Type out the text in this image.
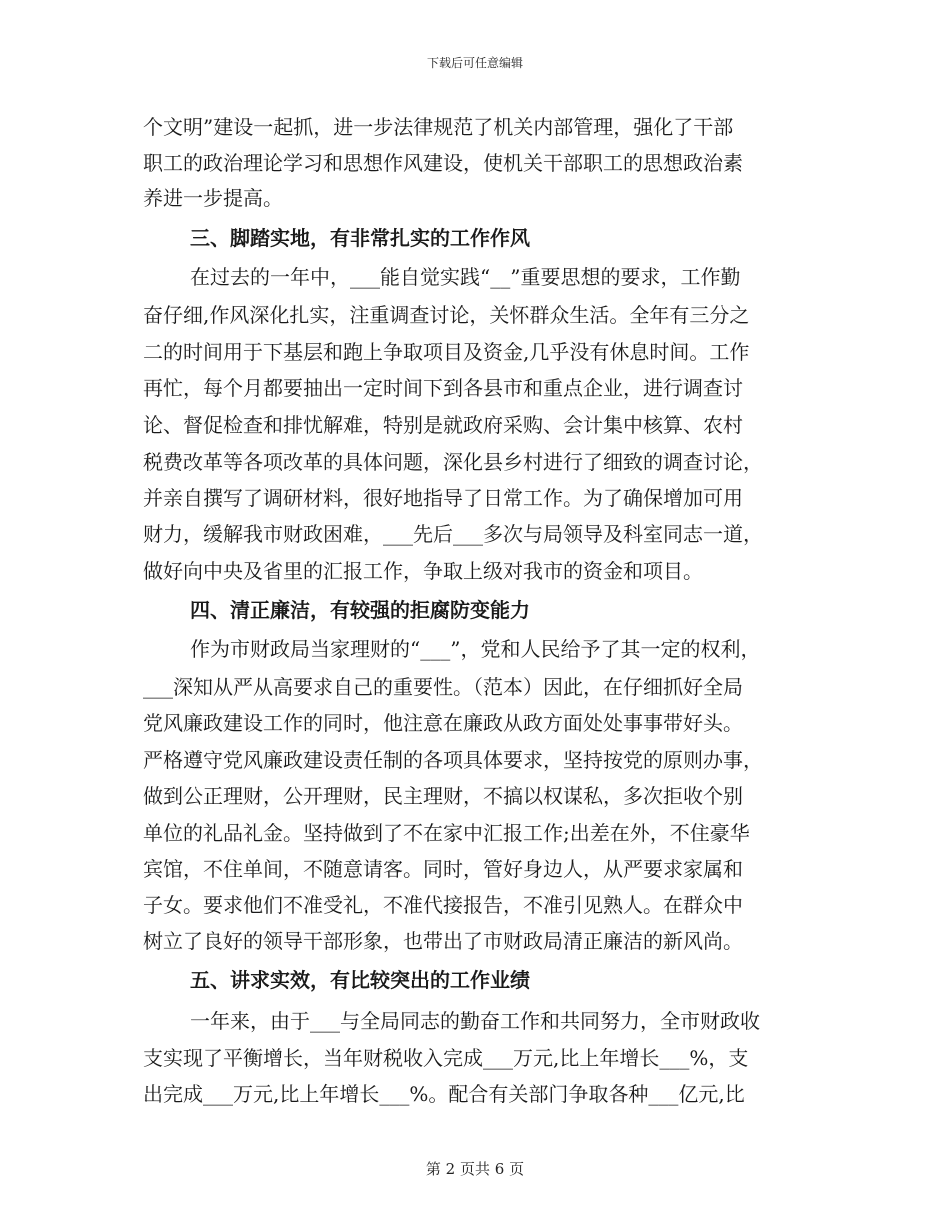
下载后可任意编辑
个文明”建设一起抓，进一步法律规范了机关内部管理，强化了干部
职工的政治理论学习和思想作风建设，使机关干部职工的思想政治素
养进一步提高。
三、脚踏实地，有非常扎实的工作作风
在过去的一年中，___能自觉实践“__”重要思想的要求，工作勤
奋仔细,作风深化扎实，注重调查讨论，关怀群众生活。全年有三分之
二的时间用于下基层和跑上争取项目及资金,几乎没有休息时间。工作
再忙，每个月都要抽出一定时间下到各县市和重点企业，进行调查讨
论、督促检查和排忧解难，特别是就政府采购、会计集中核算、农村
税费改革等各项改革的具体问题，深化县乡村进行了细致的调查讨论，
并亲自撰写了调研材料，很好地指导了日常工作。为了确保增加可用
财力，缓解我市财政困难，___先后___多次与局领导及科室同志一道，
做好向中央及省里的汇报工作，争取上级对我市的资金和项目。
四、清正廉洁，有较强的拒腐防变能力
作为市财政局当家理财的“___”，党和人民给予了其一定的权利，
___深知从严从高要求自己的重要性。（范本）因此，在仔细抓好全局
党风廉政建设工作的同时，他注意在廉政从政方面处处事事带好头。
严格遵守党风廉政建设责任制的各项具体要求，坚持按党的原则办事，
做到公正理财，公开理财，民主理财，不搞以权谋私，多次拒收个别
单位的礼品礼金。坚持做到了不在家中汇报工作;出差在外，不住豪华
宾馆，不住单间，不随意请客。同时，管好身边人，从严要求家属和
子女。要求他们不准受礼，不准代接报告，不准引见熟人。在群众中
树立了良好的领导干部形象，也带出了市财政局清正廉洁的新风尚。
五、讲求实效，有比较突出的工作业绩
一年来，由于___与全局同志的勤奋工作和共同努力，全市财政收
支实现了平衡增长，当年财税收入完成___万元,比上年增长___%，支
出完成___万元,比上年增长___%。配合有关部门争取各种___亿元,比
第 2 页共 6 页
